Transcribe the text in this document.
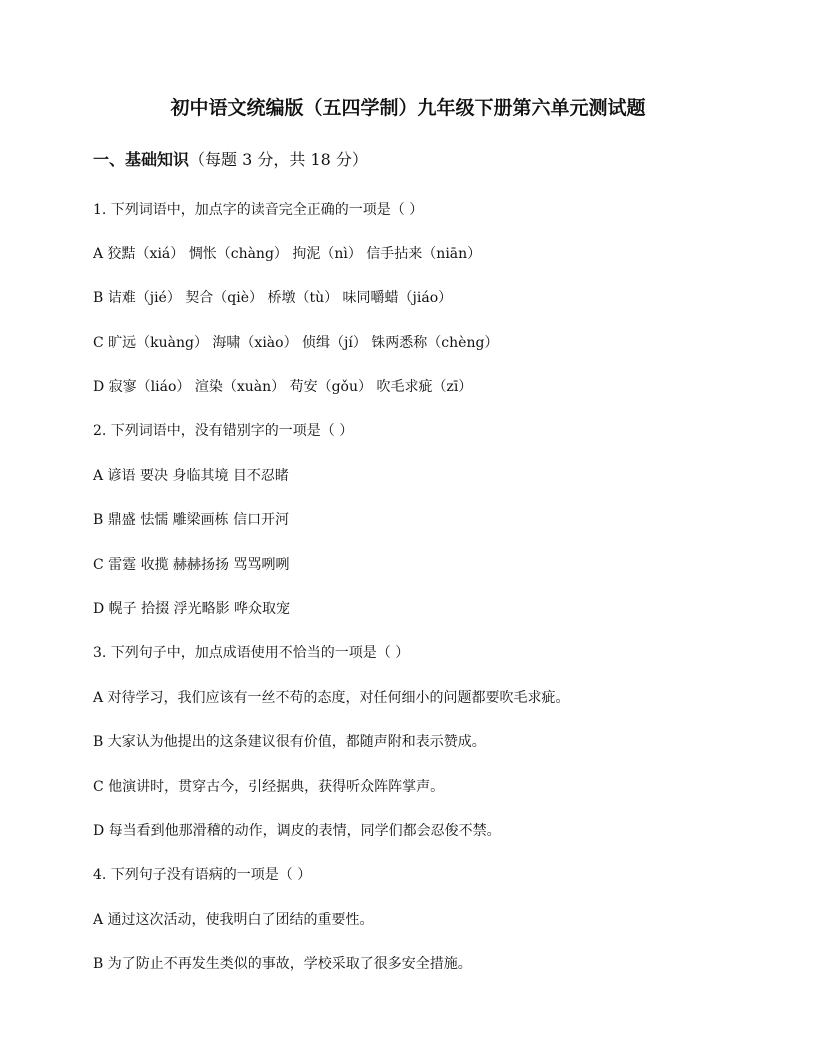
初中语文统编版（五四学制）九年级下册第六单元测试题
一、基础知识（每题 3 分，共 18 分）
1. 下列词语中，加点字的读音完全正确的一项是（ ）
A 狡黠（xiá） 惆怅（chàng） 拘泥（nì） 信手拈来（niān）
B 诘难（jié） 契合（qiè） 桥墩（tù） 味同嚼蜡（jiáo）
C 旷远（kuàng） 海啸（xiào） 侦缉（jí） 铢两悉称（chèng）
D 寂寥（liáo） 渲染（xuàn） 苟安（gǒu） 吹毛求疵（zī）
2. 下列词语中，没有错别字的一项是（ ）
A 谚语 要决 身临其境 目不忍睹
B 鼎盛 怯懦 雕梁画栋 信口开河
C 雷霆 收揽 赫赫扬扬 骂骂咧咧
D 幌子 拾掇 浮光略影 哗众取宠
3. 下列句子中，加点成语使用不恰当的一项是（ ）
A 对待学习，我们应该有一丝不苟的态度，对任何细小的问题都要吹毛求疵。
B 大家认为他提出的这条建议很有价值，都随声附和表示赞成。
C 他演讲时，贯穿古今，引经据典，获得听众阵阵掌声。
D 每当看到他那滑稽的动作，调皮的表情，同学们都会忍俊不禁。
4. 下列句子没有语病的一项是（ ）
A 通过这次活动，使我明白了团结的重要性。
B 为了防止不再发生类似的事故，学校采取了很多安全措施。
